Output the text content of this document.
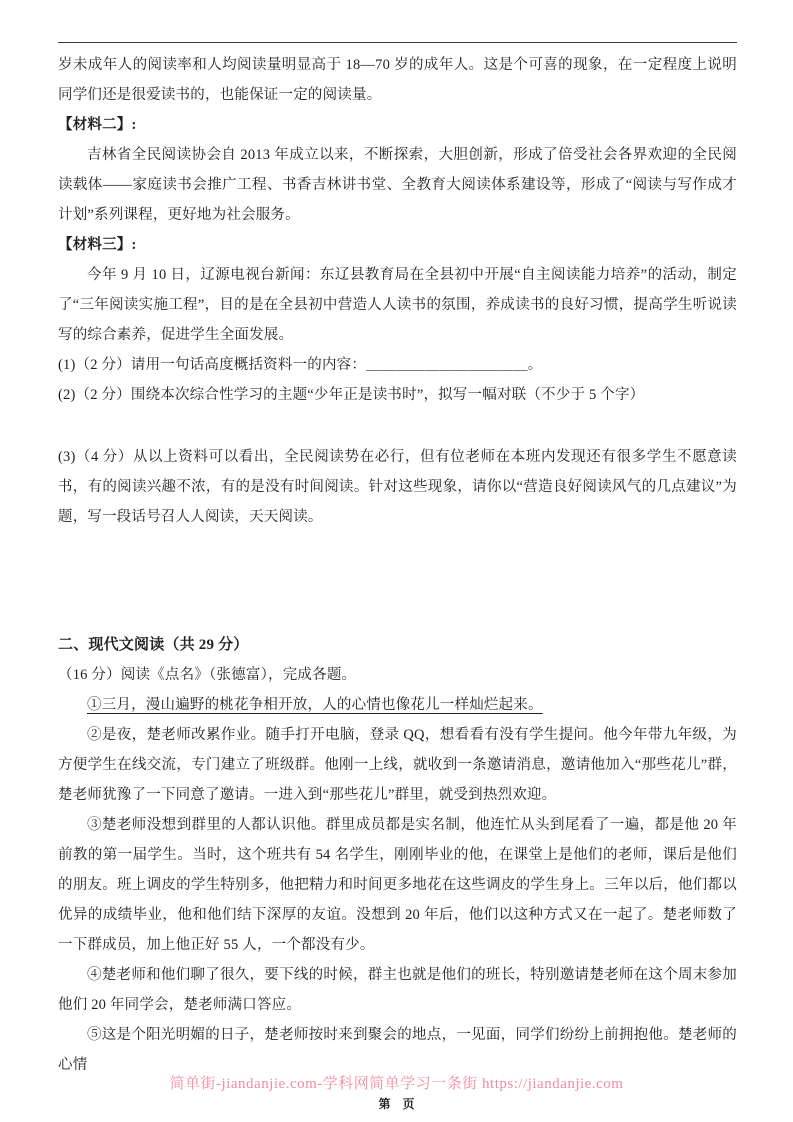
岁未成年人的阅读率和人均阅读量明显高于 18—70 岁的成年人。这是个可喜的现象，在一定程度上说明同学们还是很爱读书的，也能保证一定的阅读量。

【材料二】:

吉林省全民阅读协会自 2013 年成立以来，不断探索，大胆创新，形成了倍受社会各界欢迎的全民阅读载体——家庭读书会推广工程、书香吉林讲书堂、全教育大阅读体系建设等，形成了“阅读与写作成才计划”系列课程，更好地为社会服务。

【材料三】:

今年 9 月 10 日，辽源电视台新闻：东辽县教育局在全县初中开展“自主阅读能力培养”的活动，制定了“三年阅读实施工程”，目的是在全县初中营造人人读书的氛围，养成读书的良好习惯，提高学生听说读写的综合素养，促进学生全面发展。

(1)（2 分）请用一句话高度概括资料一的内容：＿＿＿＿＿＿＿＿＿＿＿。

(2)（2 分）围绕本次综合性学习的主题“少年正是读书时”，拟写一幅对联（不少于 5 个字）

(3)（4 分）从以上资料可以看出，全民阅读势在必行，但有位老师在本班内发现还有很多学生不愿意读书，有的阅读兴趣不浓，有的是没有时间阅读。针对这些现象，请你以“营造良好阅读风气的几点建议”为题，写一段话号召人人阅读，天天阅读。

二、现代文阅读（共 29 分）

（16 分）阅读《点名》（张德富），完成各题。

①三月，漫山遍野的桃花争相开放，人的心情也像花儿一样灿烂起来。

②是夜，楚老师改累作业。随手打开电脑，登录 QQ，想看看有没有学生提问。他今年带九年级，为方便学生在线交流，专门建立了班级群。他刚一上线，就收到一条邀请消息，邀请他加入“那些花儿”群，楚老师犹豫了一下同意了邀请。一进入到“那些花儿”群里，就受到热烈欢迎。

③楚老师没想到群里的人都认识他。群里成员都是实名制，他连忙从头到尾看了一遍，都是他 20 年前教的第一届学生。当时，这个班共有 54 名学生，刚刚毕业的他，在课堂上是他们的老师，课后是他们的朋友。班上调皮的学生特别多，他把精力和时间更多地花在这些调皮的学生身上。三年以后，他们都以优异的成绩毕业，他和他们结下深厚的友谊。没想到 20 年后，他们以这种方式又在一起了。楚老师数了一下群成员，加上他正好 55 人，一个都没有少。

④楚老师和他们聊了很久，要下线的时候，群主也就是他们的班长，特别邀请楚老师在这个周末参加他们 20 年同学会，楚老师满口答应。

⑤这是个阳光明媚的日子，楚老师按时来到聚会的地点，一见面，同学们纷纷上前拥抱他。楚老师的心情

简单街-jiandanjie.com-学科网简单学习一条街 https://jiandanjie.com
第　页
